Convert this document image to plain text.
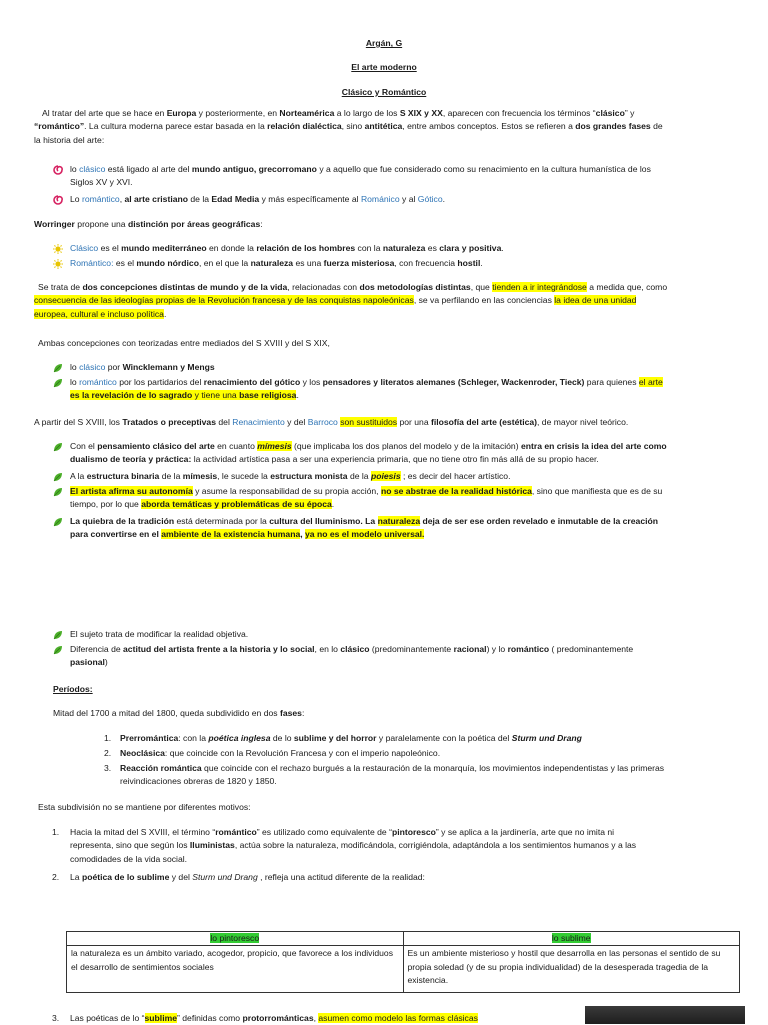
Argán, G
El arte moderno
Clásico y Romántico
Al tratar del arte que se hace en Europa y posteriormente, en Norteamérica a lo largo de los S XIX y XX, aparecen con frecuencia los términos “clásico” y
“romántico”. La cultura moderna parece estar basada en la relación dialéctica, sino antitética, entre ambos conceptos. Estos se refieren a dos grandes fases de
la historia del arte:
lo clásico está ligado al arte del mundo antiguo, grecorromano y a aquello que fue considerado como su renacimiento en la cultura humanística de los
Siglos XV y XVI.
Lo romántico, al arte cristiano de la Edad Media y más específicamente al Románico y al Gótico.
Worringer propone una distinción por áreas geográficas:
Clásico es el mundo mediterráneo en donde la relación de los hombres con la naturaleza es clara y positiva.
Romántico: es el mundo nórdico, en el que la naturaleza es una fuerza misteriosa, con frecuencia hostil.
Se trata de dos concepciones distintas de mundo y de la vida, relacionadas con dos metodologías distintas, que tienden a ir integrándose a medida que, como
consecuencia de las ideologías propias de la Revolución francesa y de las conquistas napoleónicas, se va perfilando en las conciencias la idea de una unidad
europea, cultural e incluso política.
Ambas concepciones con teorizadas entre mediados del S XVIII y del S XIX,
lo clásico por Wincklemann y Mengs
lo romántico por los partidarios del renacimiento del gótico y los pensadores y literatos alemanes (Schleger, Wackenroder, Tieck) para quienes el arte
es la revelación de lo sagrado y tiene una base religiosa.
A partir del S XVIII, los Tratados o preceptivas del Renacimiento y del Barroco son sustituidos por una filosofía del arte (estética), de mayor nivel teórico.
Con el pensamiento clásico del arte en cuanto mímesis (que implicaba los dos planos del modelo y de la imitación) entra en crisis la idea del arte como
dualismo de teoría y práctica: la actividad artística pasa a ser una experiencia primaria, que no tiene otro fin más allá de su propio hacer.
A la estructura binaria de la mímesis, le sucede la estructura monista de la poiesis ; es decir del hacer artístico.
El artista afirma su autonomía y asume la responsabilidad de su propia acción, no se abstrae de la realidad histórica, sino que manifiesta que es de su
tiempo, por lo que aborda temáticas y problemáticas de su época.
La quiebra de la tradición está determinada por la cultura del Iluminismo. La naturaleza deja de ser ese orden revelado e inmutable de la creación
para convertirse en el ambiente de la existencia humana, ya no es el modelo universal.
El sujeto trata de modificar la realidad objetiva.
Diferencia de actitud del artista frente a la historia y lo social, en lo clásico (predominantemente racional) y lo romántico ( predominantemente
pasional)
Períodos:
Mitad del 1700 a mitad del 1800, queda subdividido en dos fases:
1. Prerromántica: con la poética inglesa de lo sublime y del horror y paralelamente con la poética del Sturm und Drang
2. Neoclásica: que coincide con la Revolución Francesa y con el imperio napoleónico.
3. Reacción romántica que coincide con el rechazo burgués a la restauración de la monarquía, los movimientos independentistas y las primeras
reivindicaciones obreras de 1820 y 1850.
Esta subdivisión no se mantiene por diferentes motivos:
1. Hacia la mitad del S XVIII, el término “romántico” es utilizado como equivalente de “pintoresco” y se aplica a la jardinería, arte que no imita ni
representa, sino que según los Iluministas, actúa sobre la naturaleza, modificándola, corrigiéndola, adaptándola a los sentimientos humanos y a las
comodidades de la vida social.
2. La poética de lo sublime y del Sturm und Drang , refleja una actitud diferente de la realidad:
lo pintoresco	lo sublime
la naturaleza es un ámbito variado, acogedor, propicio, que favorece a los individuos el desarrollo de sentimientos sociales	Es un ambiente misterioso y hostil que desarrolla en las personas el sentido de su propia soledad (y de su propia individualidad) de la desesperada tragedia de la existencia.
3. Las poéticas de lo “sublime” definidas como protorrománticas, asumen como modelo las formas clásicas
